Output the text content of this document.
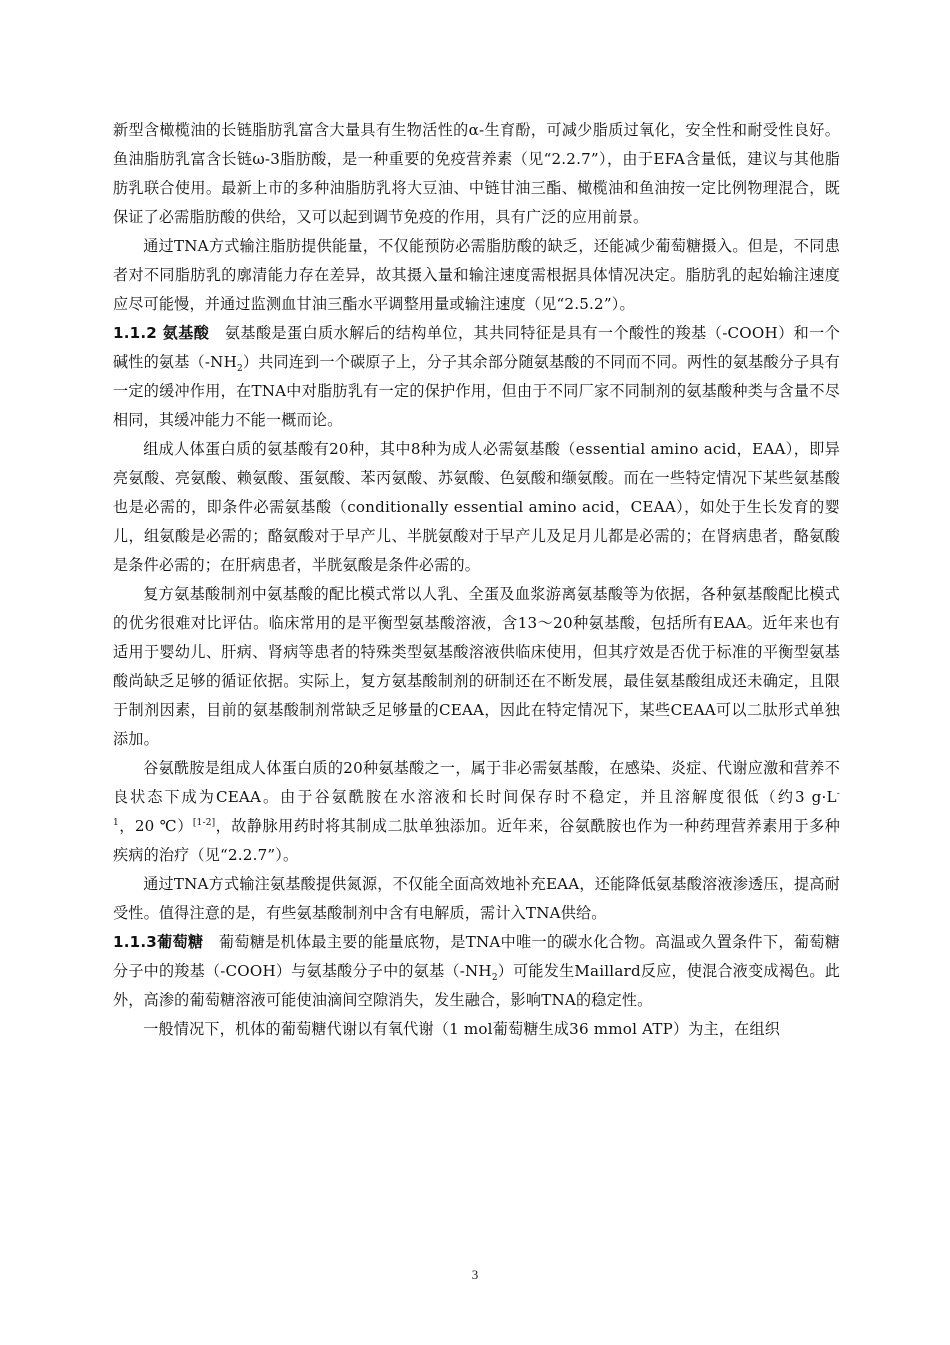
新型含橄榄油的长链脂肪乳富含大量具有生物活性的α-生育酚，可减少脂质过氧化，安全性和耐受性良好。鱼油脂肪乳富含长链ω-3脂肪酸，是一种重要的免疫营养素（见“2.2.7”），由于EFA含量低，建议与其他脂肪乳联合使用。最新上市的多种油脂肪乳将大豆油、中链甘油三酯、橄榄油和鱼油按一定比例物理混合，既保证了必需脂肪酸的供给，又可以起到调节免疫的作用，具有广泛的应用前景。

通过TNA方式输注脂肪提供能量，不仅能预防必需脂肪酸的缺乏，还能减少葡萄糖摄入。但是，不同患者对不同脂肪乳的廓清能力存在差异，故其摄入量和输注速度需根据具体情况决定。脂肪乳的起始输注速度应尽可能慢，并通过监测血甘油三酯水平调整用量或输注速度（见“2.5.2”）。

1.1.2 氨基酸　氨基酸是蛋白质水解后的结构单位，其共同特征是具有一个酸性的羧基（-COOH）和一个碱性的氨基$(-NH_2)$共同连到一个碳原子上，分子其余部分随氨基酸的不同而不同。两性的氨基酸分子具有一定的缓冲作用，在TNA中对脂肪乳有一定的保护作用，但由于不同厂家不同制剂的氨基酸种类与含量不尽相同，其缓冲能力不能一概而论。

组成人体蛋白质的氨基酸有20种，其中8种为成人必需氨基酸（essential amino acid，EAA），即异亮氨酸、亮氨酸、赖氨酸、蛋氨酸、苯丙氨酸、苏氨酸、色氨酸和缬氨酸。而在一些特定情况下某些氨基酸也是必需的，即条件必需氨基酸（conditionally essential amino acid，CEAA），如处于生长发育的婴儿，组氨酸是必需的；酪氨酸对于早产儿、半胱氨酸对于早产儿及足月儿都是必需的；在肾病患者，酪氨酸是条件必需的；在肝病患者，半胱氨酸是条件必需的。

复方氨基酸制剂中氨基酸的配比模式常以人乳、全蛋及血浆游离氨基酸等为依据，各种氨基酸配比模式的优劣很难对比评估。临床常用的是平衡型氨基酸溶液，含13～20种氨基酸，包括所有EAA。近年来也有适用于婴幼儿、肝病、肾病等患者的特殊类型氨基酸溶液供临床使用，但其疗效是否优于标准的平衡型氨基酸尚缺乏足够的循证依据。实际上，复方氨基酸制剂的研制还在不断发展，最佳氨基酸组成还未确定，且限于制剂因素，目前的氨基酸制剂常缺乏足够量的CEAA，因此在特定情况下，某些CEAA可以二肽形式单独添加。

谷氨酰胺是组成人体蛋白质的20种氨基酸之一，属于非必需氨基酸，在感染、炎症、代谢应激和营养不良状态下成为CEAA。由于谷氨酰胺在水溶液和长时间保存时不稳定，并且溶解度很低（约3 $g\cdot L^{-1}$，20 ℃）[1-2]，故静脉用药时将其制成二肽单独添加。近年来，谷氨酰胺也作为一种药理营养素用于多种疾病的治疗（见“2.2.7”）。

通过TNA方式输注氨基酸提供氮源，不仅能全面高效地补充EAA，还能降低氨基酸溶液渗透压，提高耐受性。值得注意的是，有些氨基酸制剂中含有电解质，需计入TNA供给。

1.1.3葡萄糖　葡萄糖是机体最主要的能量底物，是TNA中唯一的碳水化合物。高温或久置条件下，葡萄糖分子中的羧基（-COOH）与氨基酸分子中的氨基$(-NH_2)$可能发生Maillard反应，使混合液变成褐色。此外，高渗的葡萄糖溶液可能使油滴间空隙消失，发生融合，影响TNA的稳定性。

一般情况下，机体的葡萄糖代谢以有氧代谢（1 mol葡萄糖生成36 mmol ATP）为主，在组织

3
